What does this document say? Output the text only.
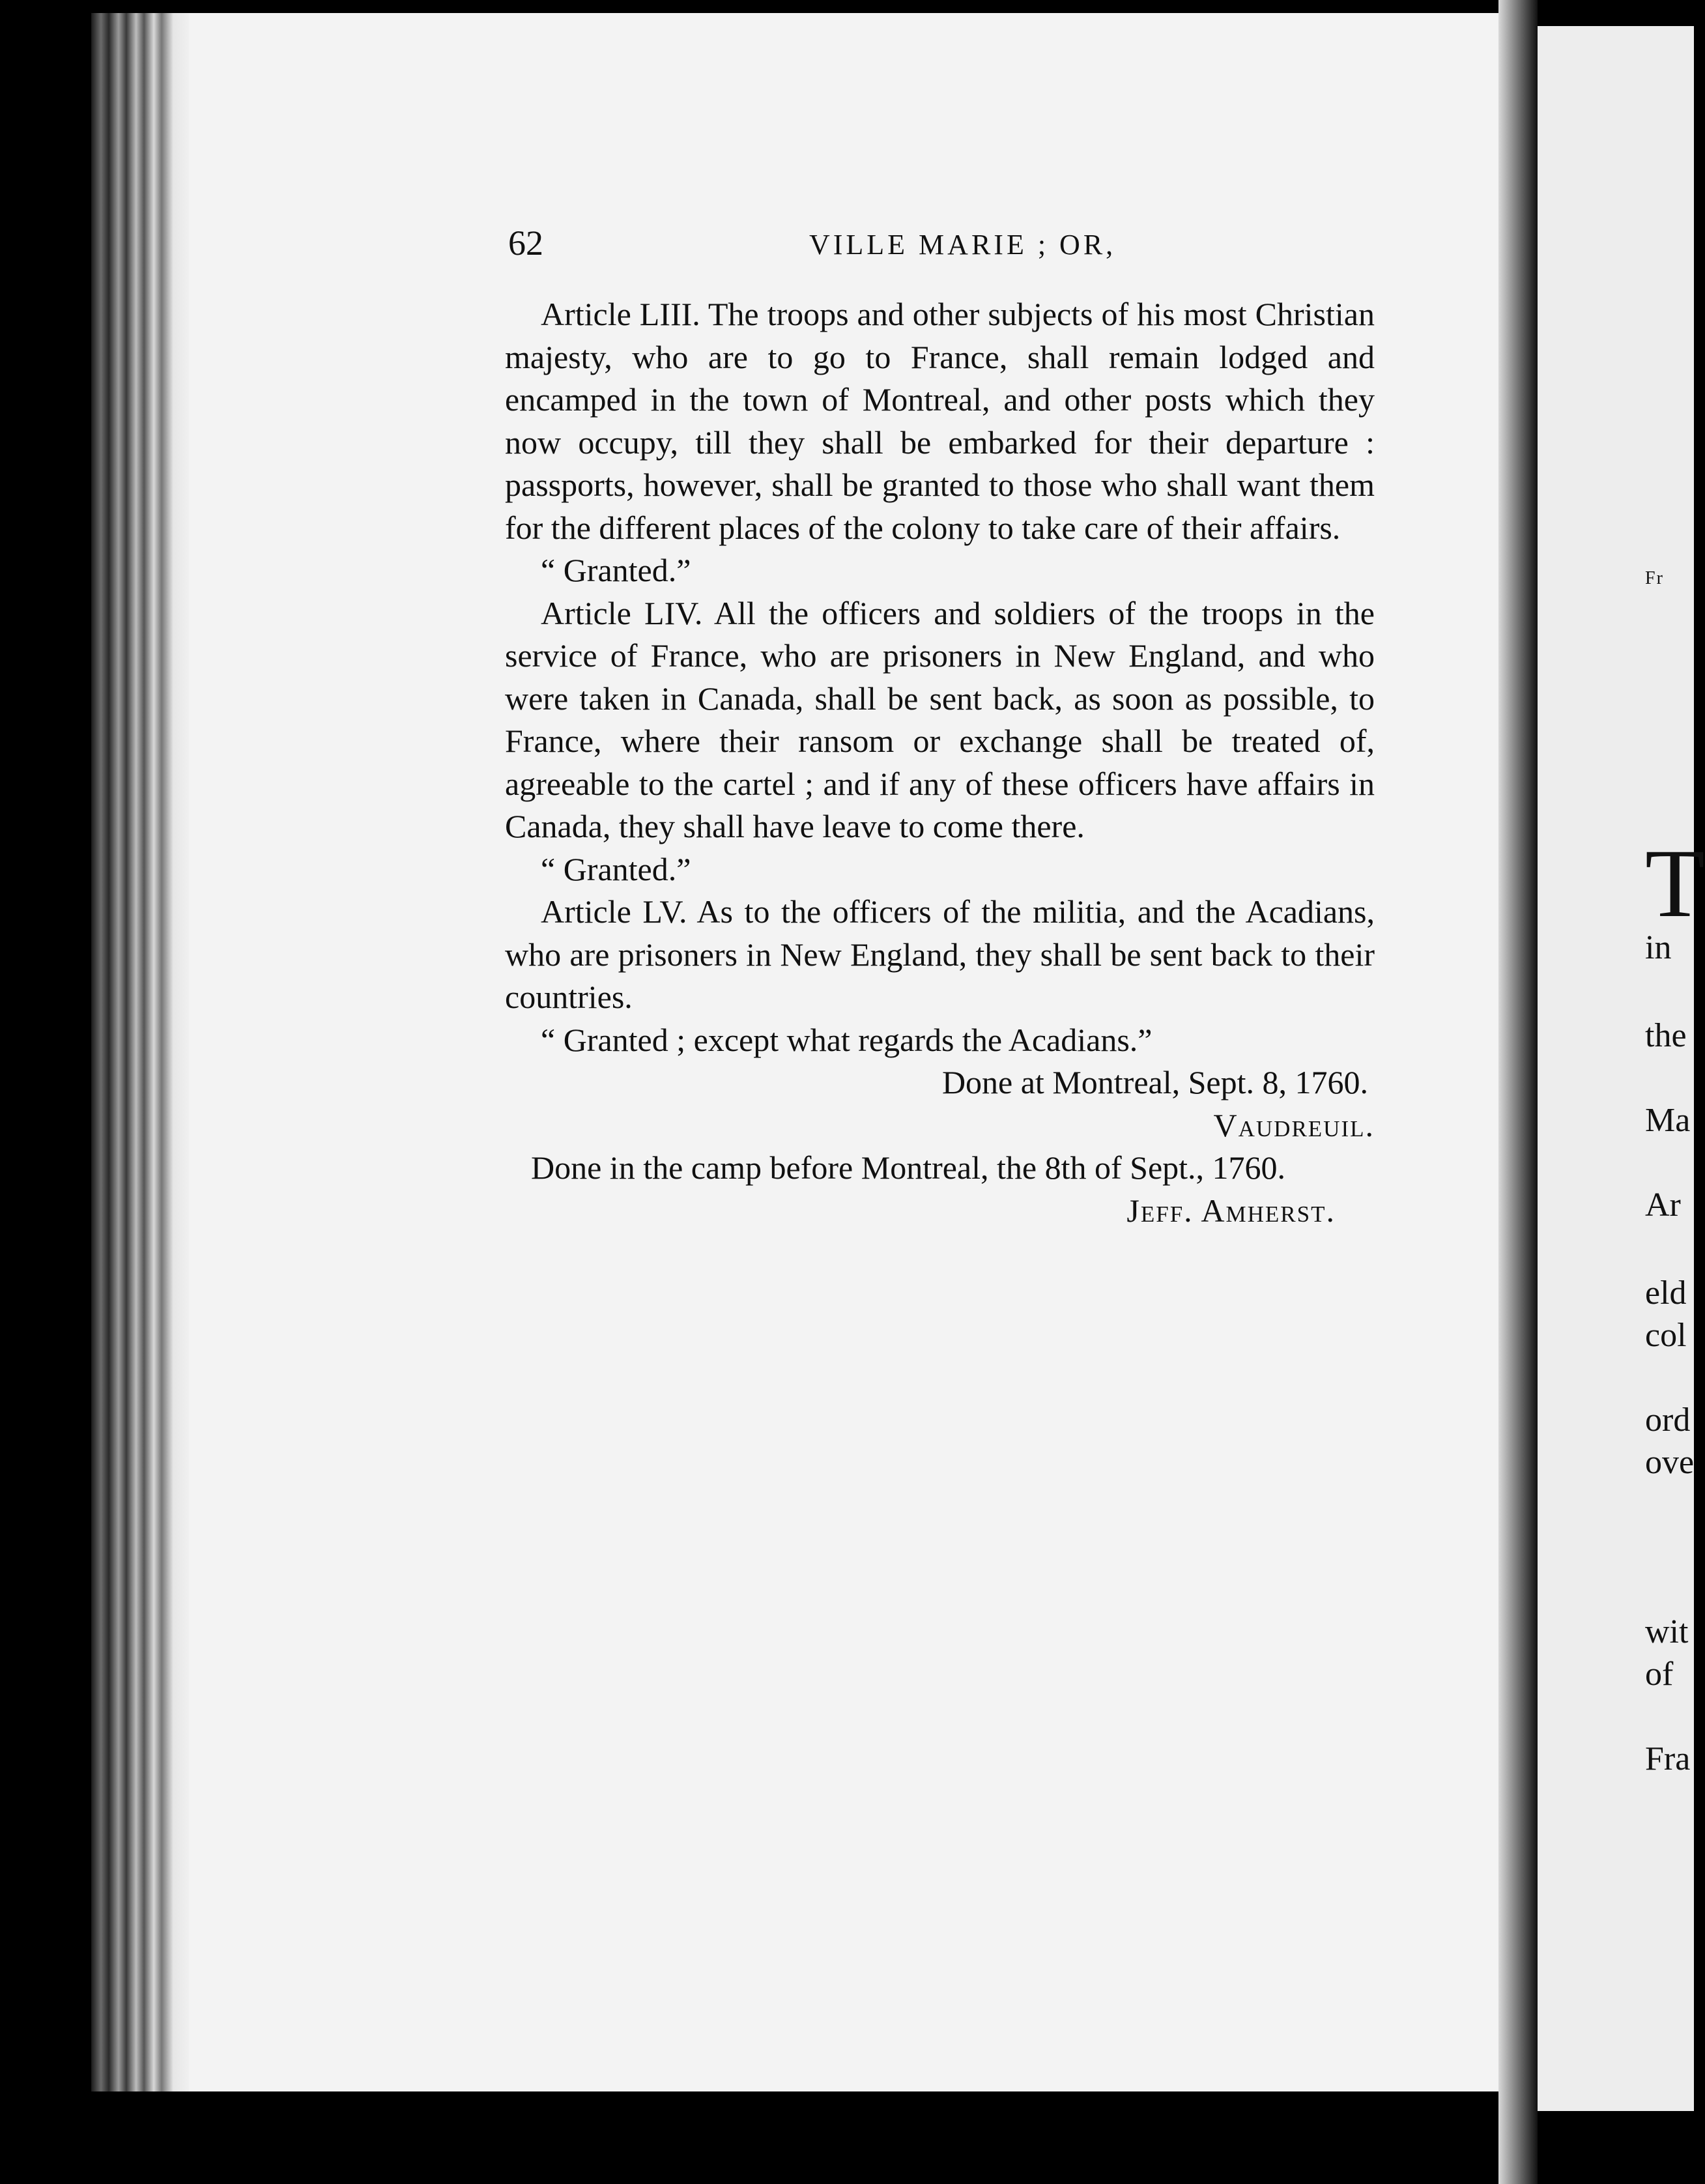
Fr
T
in
the
Ma
Ar
eld
col
ord
ove
wit
of
Fra
62	VILLE MARIE ; OR,

Article LIII. The troops and other subjects of his most Christian majesty, who are to go to France, shall remain lodged and encamped in the town of Montreal, and other posts which they now occupy, till they shall be embarked for their departure : passports, however, shall be granted to those who shall want them for the different places of the colony to take care of their affairs.

“ Granted.”

Article LIV. All the officers and soldiers of the troops in the service of France, who are prisoners in New England, and who were taken in Canada, shall be sent back, as soon as possible, to France, where their ransom or exchange shall be treated of, agreeable to the cartel ; and if any of these officers have affairs in Canada, they shall have leave to come there.

“ Granted.”

Article LV. As to the officers of the militia, and the Acadians, who are prisoners in New England, they shall be sent back to their countries.

“ Granted ; except what regards the Acadians.”

Done at Montreal, Sept. 8, 1760.

Vaudreuil.

Done in the camp before Montreal, the 8th of Sept., 1760.

Jeff. Amherst.
